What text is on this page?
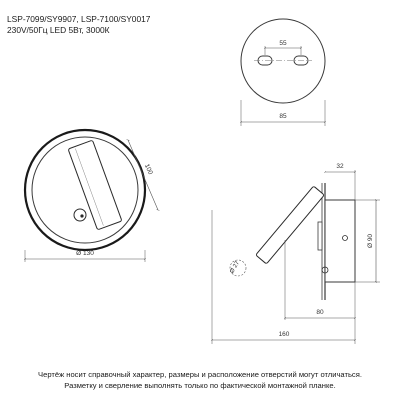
LSP-7099/SY9907, LSP-7100/SY0017
230V/50Гц LED 5Вт, 3000К
55
85
100
Ø 130
Ø 27
32
Ø 90
80
160
Чертёж носит справочный характер, размеры и расположение отверстий могут отличаться.
Разметку и сверление выполнять только по фактической монтажной планке.
